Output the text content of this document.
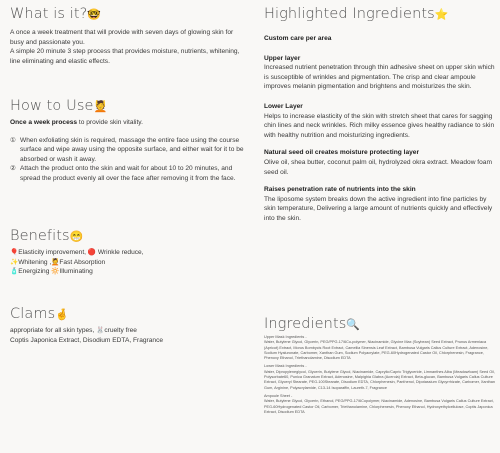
What is it?🤓

A once a week treatment that will provide with seven days of glowing skin for busy and passionate you.

A simple 20 minute 3 step process that provides moisture, nutrients, whitening, line eliminating and elastic effects.

How to Use💆

Once a week process to provide skin vitality.

① When exfoliating skin is required, massage the entire face using the course surface and wipe away using the opposite surface, and either wait for it to be absorbed or wash it away.
② Attach the product onto the skin and wait for about 10 to 20 minutes, and spread the product evenly all over the face after removing it from the face.
Benefits😁

🎈Elasticity improvement, 🔴 Wrinkle reduce,

✨Whitening ,💆Fast Absorption

🧴Energizing 🔆Illuminating

Clams🤞

appropriate for all skin types, 🐰cruelty free

Coptis Japonica Extract, Disodium EDTA, Fragrance

Highlighted Ingredients⭐

Custom care per area

Upper layer

Increased nutrient penetration through thin adhesive sheet on upper skin which is susceptible of wrinkles and pigmentation. The crisp and clear ampoule improves melanin pigmentation and brightens and moisturizes the skin.

Lower Layer

Helps to increase elasticity of the skin with stretch sheet that cares for sagging chin lines and neck wrinkles. Rich milky essence gives healthy radiance to skin with healthy nutrition and moisturizing ingredients.

Natural seed oil creates moisture protecting layer

Olive oil, shea butter, coconut palm oil, hydrolyzed okra extract. Meadow foam seed oil.

Raises penetration rate of nutrients into the skin

The liposome system breaks down the active ingredient into fine particles by skin temperature, Delivering a large amount of nutrients quickly and effectively into the skin.

Ingredients🔍

Upper Mask Ingredients -

Water, Butylene Glycol, Glycerin, PEG/PPG-17/6Co-polymer, Niacinamide, Glycine Max (Soybean) Seed Extract, Prunus Armeniaca (Apricot) Extract, Morus Bombycis Root Extract, Camellia Sinensis Leaf Extract, Bambusa Vulgaris Callus Culture Extract, Adenosine, Sodium Hyaluronate, Carbomer, Xanthan Gum, Sodium Polyacrylate, PEG-60Hydrogenated Castor Oil, Chlorphenesin, Fragrance, Phenoxy Ethanol, Triethanolamine, Disodium EDTA

Lower Mask Ingredients -

Water, Dipropyleneglycol, Glycerin, Butylene Glycol, Niacinamide, Caprylic/Capric Triglyceride, Limnanthes Alba (Meadowfoam) Seed Oil, Polysorbate60, Punica Granatum Extract, Adenosine, Malpighia Glabra (Acerola) Extract, Beta-glucan, Bambusa Vulgaris Callus Culture Extract, Glyceryl Stearate, PEG-100Stearate, Disodium EDTA, Chlorphenesin, Panthenol, Dipotassium Glycyrrhizate, Carbomer, Xanthan Gum, Arginine, Polyacrylamide, C13-14 Isoparaffin, Laureth-7, Fragrance

Ampoule Sheet -

Water, Butylene Glycol, Glycerin, Ethanol, PEG/PPG-17/6Copolymer, Niacinamide, Adenosine, Bambusa Vulgaris Callus Culture Extract, PEG-60Hydrogenated Castor Oil, Carbomer, Triethanolamine, Chlorphenesin, Phenoxy Ethanol, Hydroxyethylcellulose, Coptis Japonica Extract, Disodium EDTA
